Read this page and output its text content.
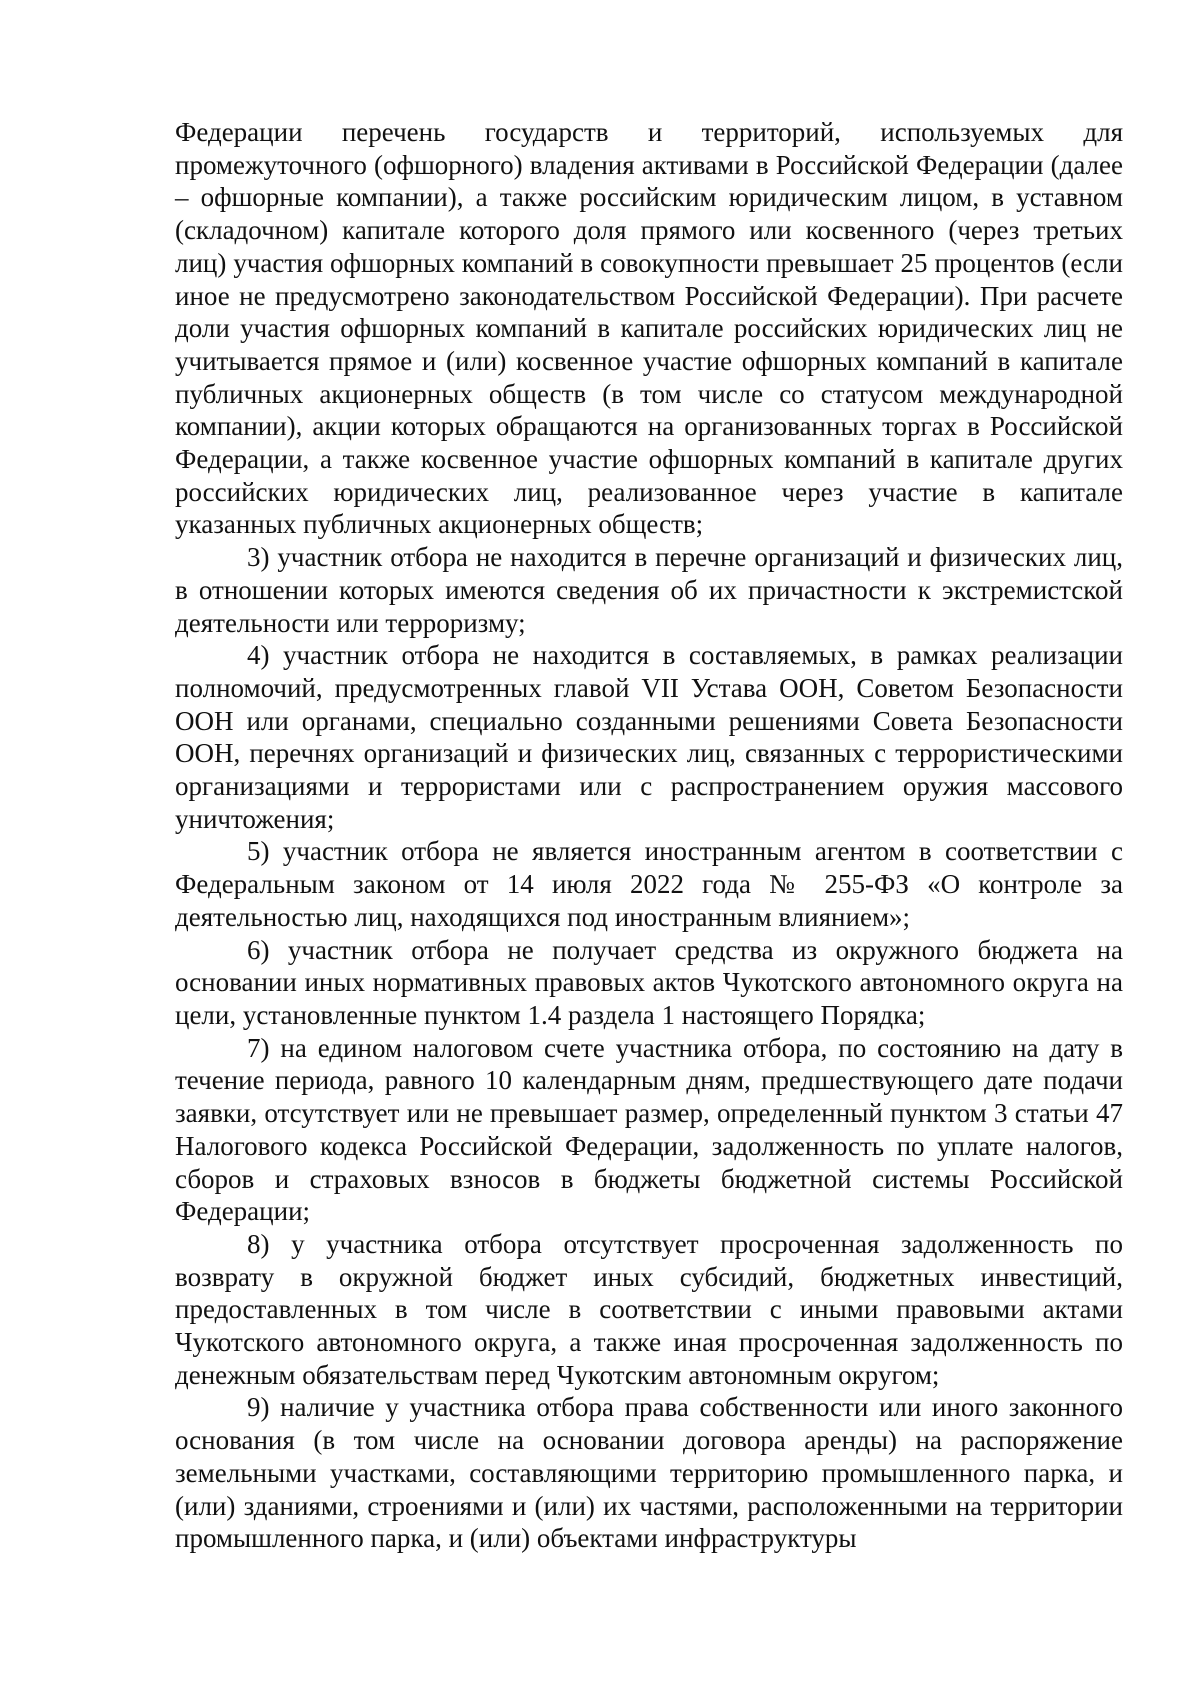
Федерации перечень государств и территорий, используемых для промежуточного (офшорного) владения активами в Российской Федерации (далее – офшорные компании), а также российским юридическим лицом, в уставном (складочном) капитале которого доля прямого или косвенного (через третьих лиц) участия офшорных компаний в совокупности превышает 25 процентов (если иное не предусмотрено законодательством Российской Федерации). При расчете доли участия офшорных компаний в капитале российских юридических лиц не учитывается прямое и (или) косвенное участие офшорных компаний в капитале публичных акционерных обществ (в том числе со статусом международной компании), акции которых обращаются на организованных торгах в Российской Федерации, а также косвенное участие офшорных компаний в капитале других российских юридических лиц, реализованное через участие в капитале указанных публичных акционерных обществ;

3) участник отбора не находится в перечне организаций и физических лиц, в отношении которых имеются сведения об их причастности к экстремистской деятельности или терроризму;

4) участник отбора не находится в составляемых, в рамках реализации полномочий, предусмотренных главой VII Устава ООН, Советом Безопасности ООН или органами, специально созданными решениями Совета Безопасности ООН, перечнях организаций и физических лиц, связанных с террористическими организациями и террористами или с распространением оружия массового уничтожения;

5) участник отбора не является иностранным агентом в соответствии с Федеральным законом от 14 июля 2022 года № 255-ФЗ «О контроле за деятельностью лиц, находящихся под иностранным влиянием»;

6) участник отбора не получает средства из окружного бюджета на основании иных нормативных правовых актов Чукотского автономного округа на цели, установленные пунктом 1.4 раздела 1 настоящего Порядка;

7) на едином налоговом счете участника отбора, по состоянию на дату в течение периода, равного 10 календарным дням, предшествующего дате подачи заявки, отсутствует или не превышает размер, определенный пунктом 3 статьи 47 Налогового кодекса Российской Федерации, задолженность по уплате налогов, сборов и страховых взносов в бюджеты бюджетной системы Российской Федерации;

8) у участника отбора отсутствует просроченная задолженность по возврату в окружной бюджет иных субсидий, бюджетных инвестиций, предоставленных в том числе в соответствии с иными правовыми актами Чукотского автономного округа, а также иная просроченная задолженность по денежным обязательствам перед Чукотским автономным округом;

9) наличие у участника отбора права собственности или иного законного основания (в том числе на основании договора аренды) на распоряжение земельными участками, составляющими территорию промышленного парка, и (или) зданиями, строениями и (или) их частями, расположенными на территории промышленного парка, и (или) объектами инфраструктуры
